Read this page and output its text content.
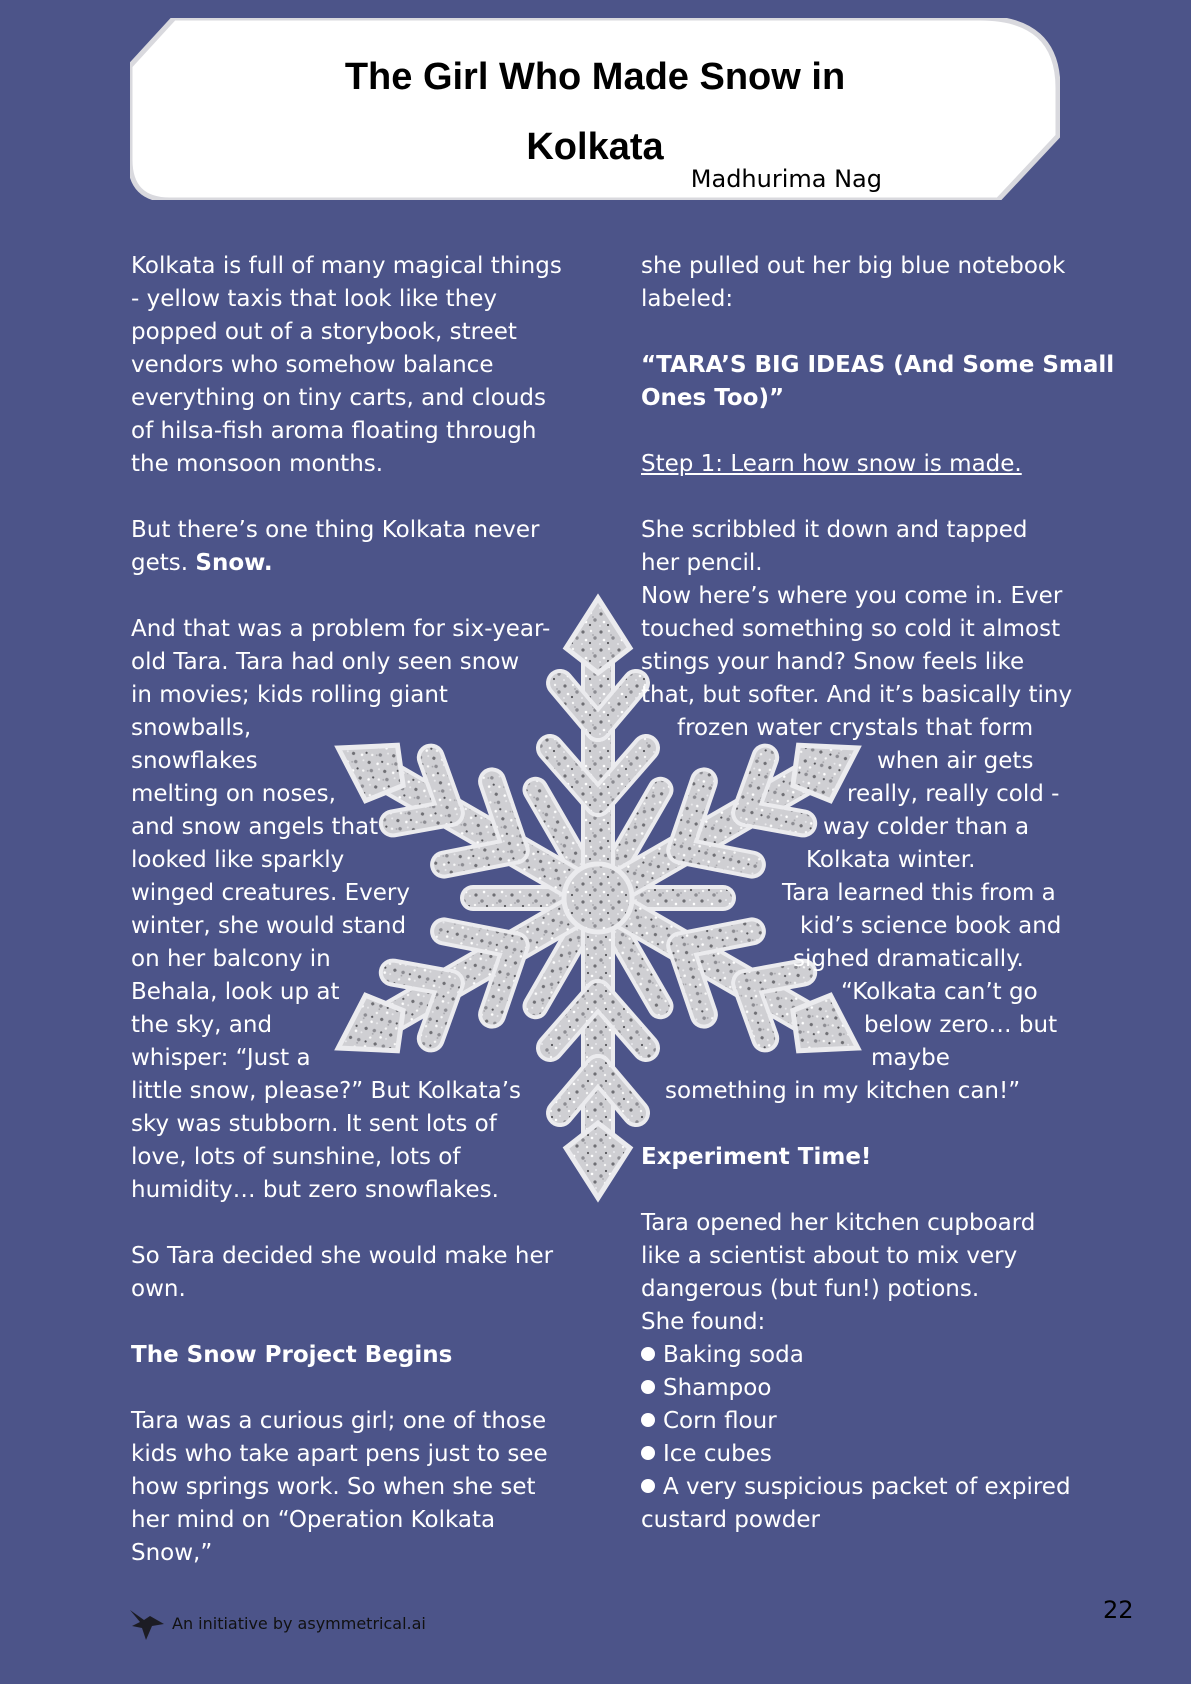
The Girl Who Made Snow in
Kolkata
Madhurima Nag
Kolkata is full of many magical things
- yellow taxis that look like they
popped out of a storybook, street
vendors who somehow balance
everything on tiny carts, and clouds
of hilsa-fish aroma floating through
the monsoon months.
But there’s one thing Kolkata never
gets. Snow.
And that was a problem for six-year-
old Tara. Tara had only seen snow
in movies; kids rolling giant
snowballs,
snowflakes
melting on noses,
and snow angels that
looked like sparkly
winged creatures. Every
winter, she would stand
on her balcony in
Behala, look up at
the sky, and
whisper: “Just a
little snow, please?” But Kolkata’s
sky was stubborn. It sent lots of
love, lots of sunshine, lots of
humidity… but zero snowflakes.
So Tara decided she would make her
own.
The Snow Project Begins
Tara was a curious girl; one of those
kids who take apart pens just to see
how springs work. So when she set
her mind on “Operation Kolkata
Snow,”
she pulled out her big blue notebook
labeled:
“TARA’S BIG IDEAS (And Some Small
Ones Too)”
Step 1: Learn how snow is made.
She scribbled it down and tapped
her pencil.
Now here’s where you come in. Ever
touched something so cold it almost
stings your hand? Snow feels like
that, but softer. And it’s basically tiny
frozen water crystals that form
when air gets
really, really cold -
way colder than a
Kolkata winter.
Tara learned this from a
kid’s science book and
sighed dramatically.
“Kolkata can’t go
below zero… but
maybe
something in my kitchen can!”
Experiment Time!
Tara opened her kitchen cupboard
like a scientist about to mix very
dangerous (but fun!) potions.
She found:
Baking soda
Shampoo
Corn flour
Ice cubes
A very suspicious packet of expired
custard powder
An initiative by asymmetrical.ai	22
